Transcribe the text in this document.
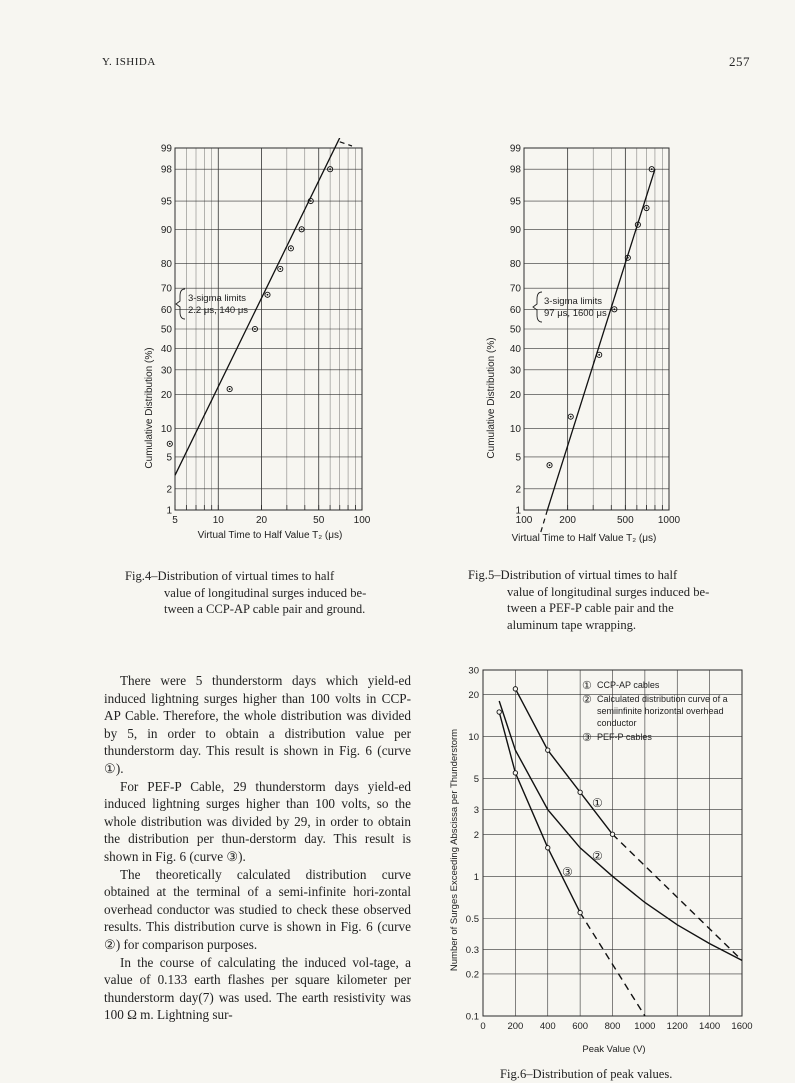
Y. ISHIDA	257
1
2
5
10
20
30
40
50
60
70
80
90
95
98
99
5	10	20	50	100
Cumulative Distribution (%)
Virtual Time to Half Value T₂ (μs)
3-sigma limits
2.2 μs, 140 μs
Fig.4–Distribution of virtual times to half
value of longitudinal surges induced be-
tween a CCP-AP cable pair and ground.
1
2
5
10
20
30
40
50
60
70
80
90
95
98
99
100	200	500 1000
Cumulative Distribution (%)
Virtual Time to Half Value T₂ (μs)
3-sigma limits
97 μs, 1600 μs
Fig.5–Distribution of virtual times to half
value of longitudinal surges induced be-
tween a PEF-P cable pair and the
aluminum tape wrapping.

There were 5 thunderstorm days which yield-ed induced lightning surges higher than 100 volts in CCP-AP Cable. Therefore, the whole distribution was divided by 5, in order to obtain a distribution value per thunderstorm day. This result is shown in Fig. 6 (curve ①).

For PEF-P Cable, 29 thunderstorm days yield-ed induced lightning surges higher than 100 volts, so the whole distribution was divided by 29, in order to obtain the distribution per thun-derstorm day. This result is shown in Fig. 6 (curve ③).

The theoretically calculated distribution curve obtained at the terminal of a semi-infinite hori-zontal overhead conductor was studied to check these observed results. This distribution curve is shown in Fig. 6 (curve ②) for comparison purposes.

In the course of calculating the induced vol-tage, a value of 0.133 earth flashes per square kilometer per thunderstorm day(7) was used. The earth resistivity was 100 Ω m. Lightning sur-	0.1
0.2
0.3
0.5
1
2
3
5
10
20
30
0 200 400 600 800 1000 1200 1400 1600
Number of Surges Exceeding Abscissa per Thunderstorm
Peak Value (V)
① CCP-AP cables
② Calculated distribution curve of a
semiinfinite horizontal overhead
conductor
③ PEF-P cables
①
②
③
Fig.6–Distribution of peak values.
